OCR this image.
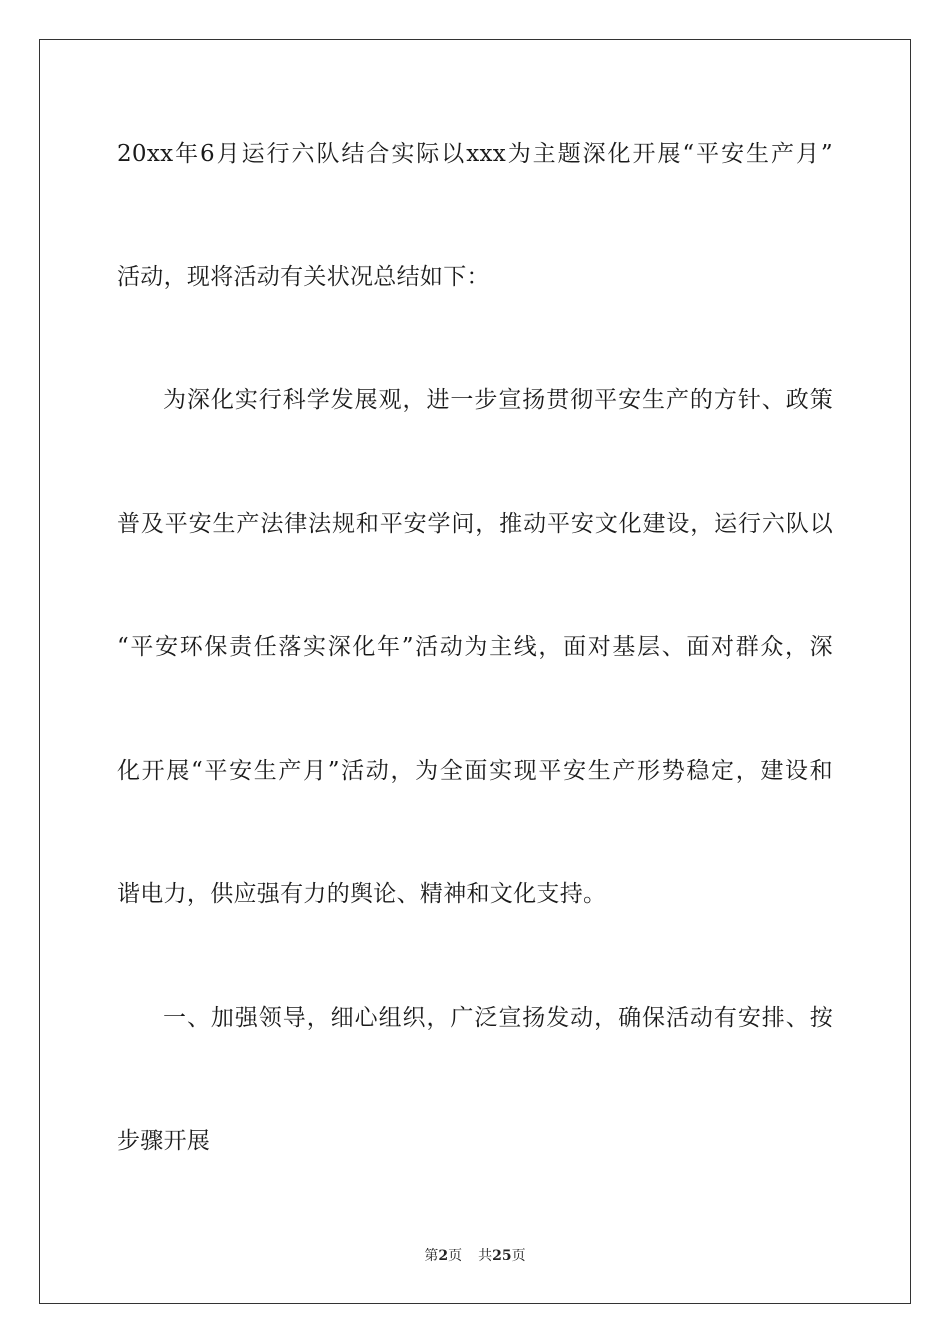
20xx年6月运行六队结合实际以xxx为主题深化开展“平安生产月”
活动，现将活动有关状况总结如下：
为深化实行科学发展观，进一步宣扬贯彻平安生产的方针、政策
普及平安生产法律法规和平安学问，推动平安文化建设，运行六队以
“平安环保责任落实深化年”活动为主线，面对基层、面对群众，深
化开展“平安生产月”活动，为全面实现平安生产形势稳定，建设和
谐电力，供应强有力的舆论、精神和文化支持。
一、加强领导，细心组织，广泛宣扬发动，确保活动有安排、按
步骤开展
第2页 共25页
